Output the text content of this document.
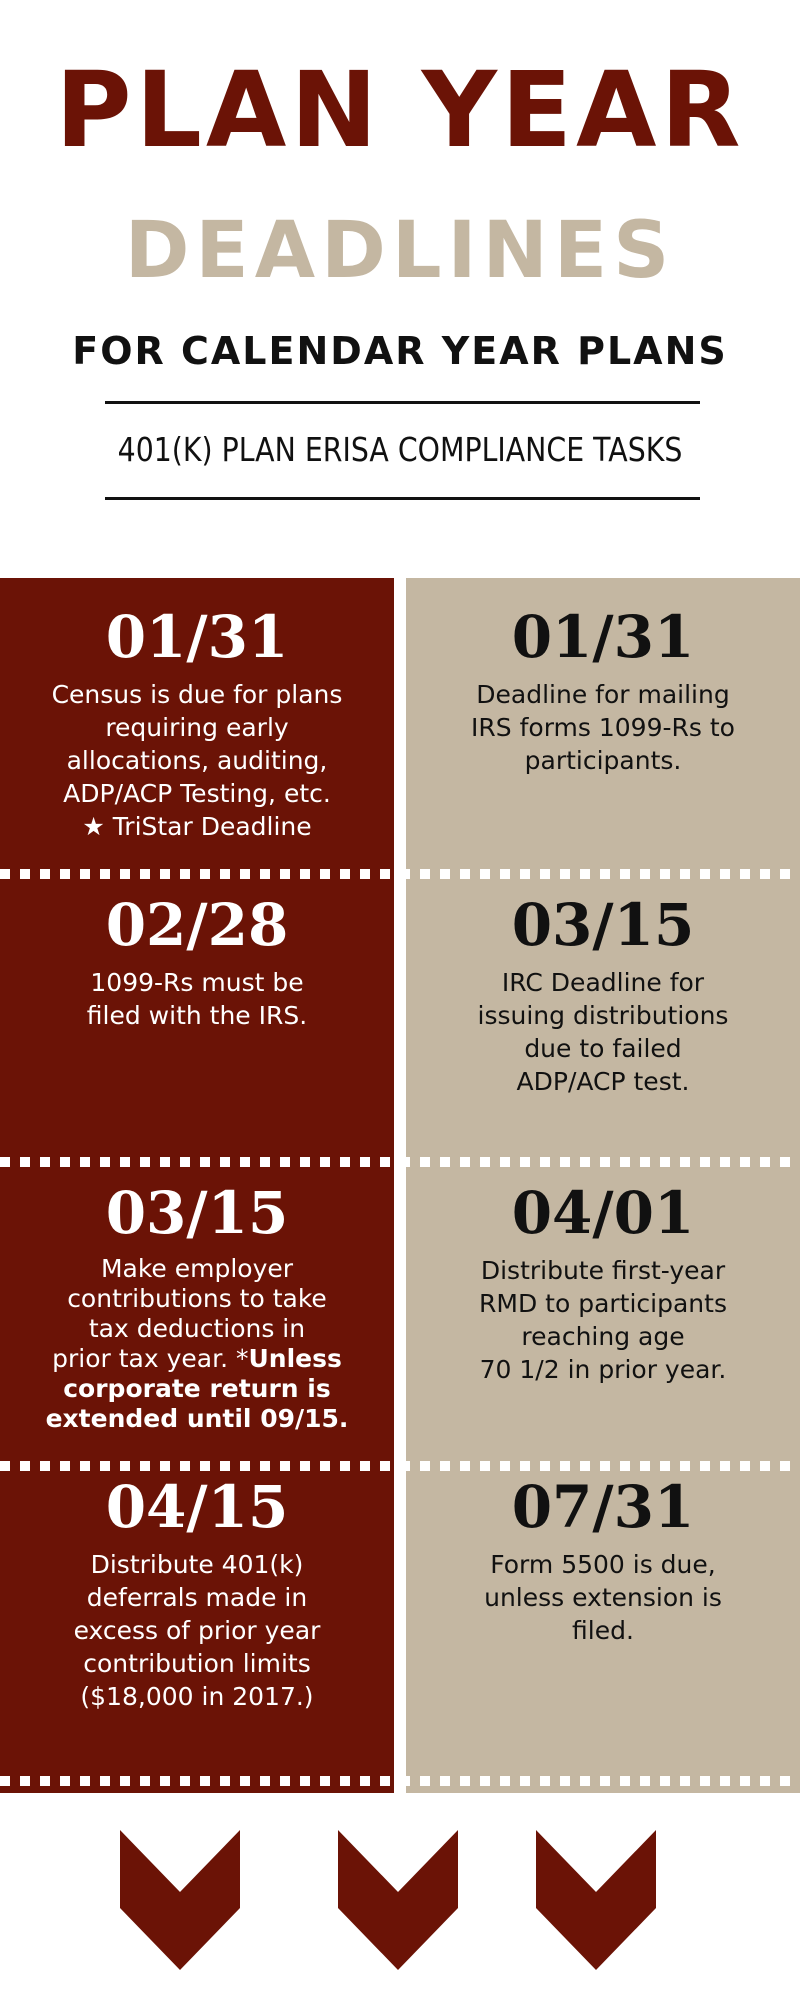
PLAN YEAR
DEADLINES
FOR CALENDAR YEAR PLANS
401(K) PLAN ERISA COMPLIANCE TASKS
01/31
Census is due for plans
requiring early
allocations, auditing,
ADP/ACP Testing, etc.
★ TriStar Deadline
02/28
1099-Rs must be
filed with the IRS.
03/15
Make employer
contributions to take
tax deductions in
prior tax year. *Unless
corporate return is
extended until 09/15.
04/15
Distribute 401(k)
deferrals made in
excess of prior year
contribution limits
($18,000 in 2017.)
01/31
Deadline for mailing
IRS forms 1099-Rs to
participants.
03/15
IRC Deadline for
issuing distributions
due to failed
ADP/ACP test.
04/01
Distribute first-year
RMD to participants
reaching age
70 1/2 in prior year.
07/31
Form 5500 is due,
unless extension is
filed.
